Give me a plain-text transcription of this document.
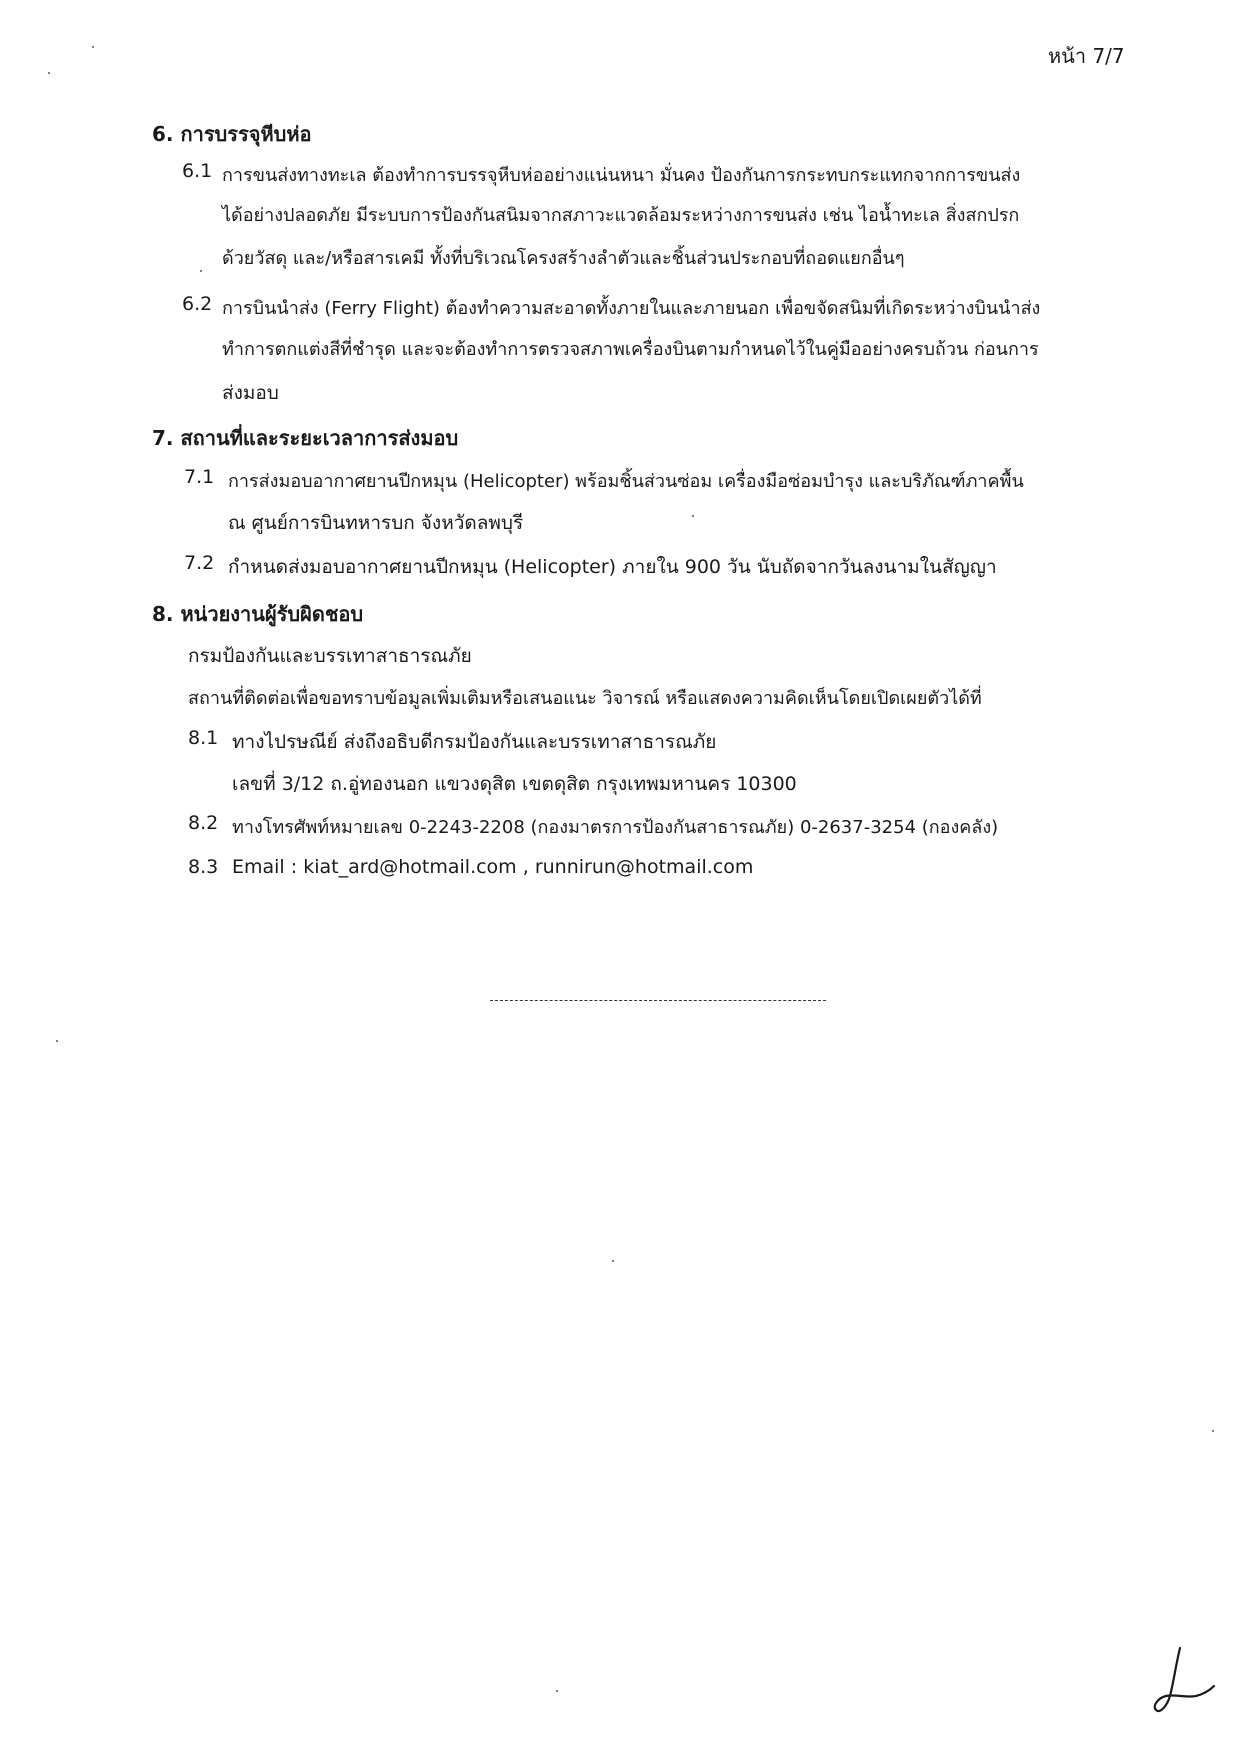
หน้า 7/7
6. การบรรจุหีบห่อ
6.1 การขนส่งทางทะเล ต้องทำการบรรจุหีบห่ออย่างแน่นหนา มั่นคง ป้องกันการกระทบกระแทกจากการขนส่ง
ได้อย่างปลอดภัย มีระบบการป้องกันสนิมจากสภาวะแวดล้อมระหว่างการขนส่ง เช่น ไอน้ำทะเล สิ่งสกปรก
ด้วยวัสดุ และ/หรือสารเคมี ทั้งที่บริเวณโครงสร้างลำตัวและชิ้นส่วนประกอบที่ถอดแยกอื่นๆ
6.2 การบินนำส่ง (Ferry Flight) ต้องทำความสะอาดทั้งภายในและภายนอก เพื่อขจัดสนิมที่เกิดระหว่างบินนำส่ง
ทำการตกแต่งสีที่ชำรุด และจะต้องทำการตรวจสภาพเครื่องบินตามกำหนดไว้ในคู่มืออย่างครบถ้วน ก่อนการ
ส่งมอบ
7. สถานที่และระยะเวลาการส่งมอบ
7.1 การส่งมอบอากาศยานปีกหมุน (Helicopter) พร้อมชิ้นส่วนซ่อม เครื่องมือซ่อมบำรุง และบริภัณฑ์ภาคพื้น
ณ ศูนย์การบินทหารบก จังหวัดลพบุรี
7.2 กำหนดส่งมอบอากาศยานปีกหมุน (Helicopter) ภายใน 900 วัน นับถัดจากวันลงนามในสัญญา
8. หน่วยงานผู้รับผิดชอบ
กรมป้องกันและบรรเทาสาธารณภัย
สถานที่ติดต่อเพื่อขอทราบข้อมูลเพิ่มเติมหรือเสนอแนะ วิจารณ์ หรือแสดงความคิดเห็นโดยเปิดเผยตัวได้ที่
8.1 ทางไปรษณีย์ ส่งถึงอธิบดีกรมป้องกันและบรรเทาสาธารณภัย
เลขที่ 3/12 ถ.อู่ทองนอก แขวงดุสิต เขตดุสิต กรุงเทพมหานคร 10300
8.2 ทางโทรศัพท์หมายเลข 0-2243-2208 (กองมาตรการป้องกันสาธารณภัย) 0-2637-3254 (กองคลัง)
8.3 Email : kiat_ard@hotmail.com , runnirun@hotmail.com
